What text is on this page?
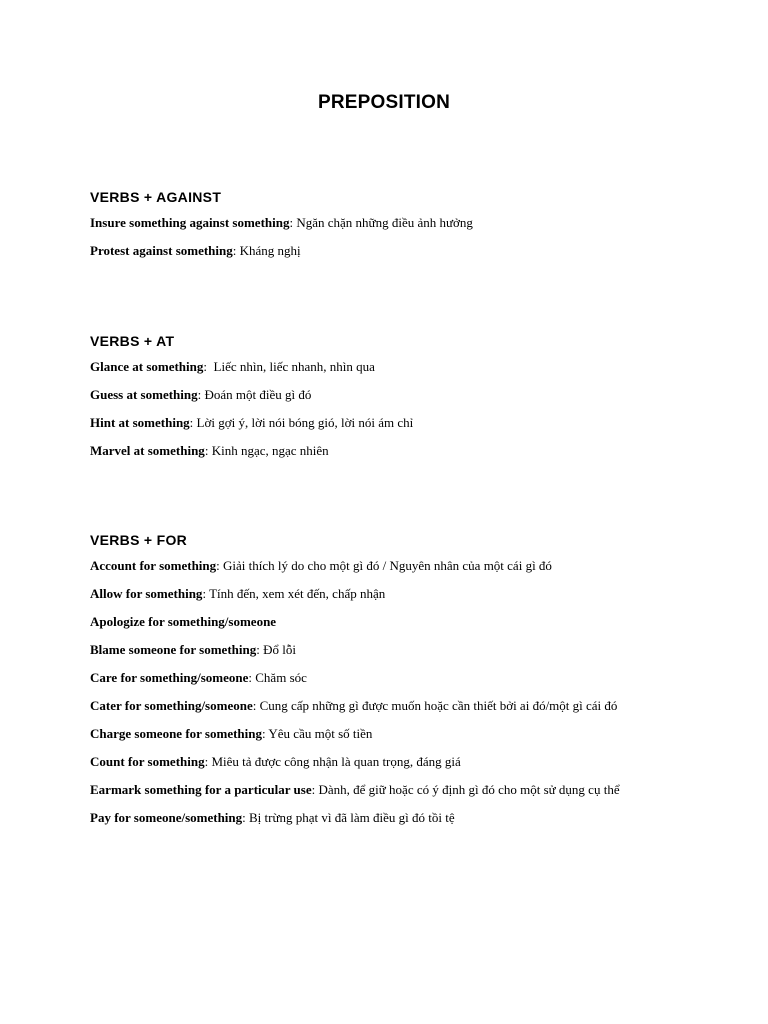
PREPOSITION
VERBS + AGAINST
Insure something against something: Ngăn chặn những điều ảnh hưởng
Protest against something: Kháng nghị
VERBS + AT
Glance at something:  Liếc nhìn, liếc nhanh, nhìn qua
Guess at something: Đoán một điều gì đó
Hint at something: Lời gợi ý, lời nói bóng gió, lời nói ám chỉ
Marvel at something: Kinh ngạc, ngạc nhiên
VERBS + FOR
Account for something: Giải thích lý do cho một gì đó / Nguyên nhân của một cái gì đó
Allow for something: Tính đến, xem xét đến, chấp nhận
Apologize for something/someone
Blame someone for something: Đổ lỗi
Care for something/someone: Chăm sóc
Cater for something/someone: Cung cấp những gì được muốn hoặc cần thiết bởi ai đó/một gì cái đó
Charge someone for something: Yêu cầu một số tiền
Count for something: Miêu tả được công nhận là quan trọng, đáng giá
Earmark something for a particular use: Dành, để giữ hoặc có ý định gì đó cho một sử dụng cụ thể
Pay for someone/something: Bị trừng phạt vì đã làm điều gì đó tồi tệ
